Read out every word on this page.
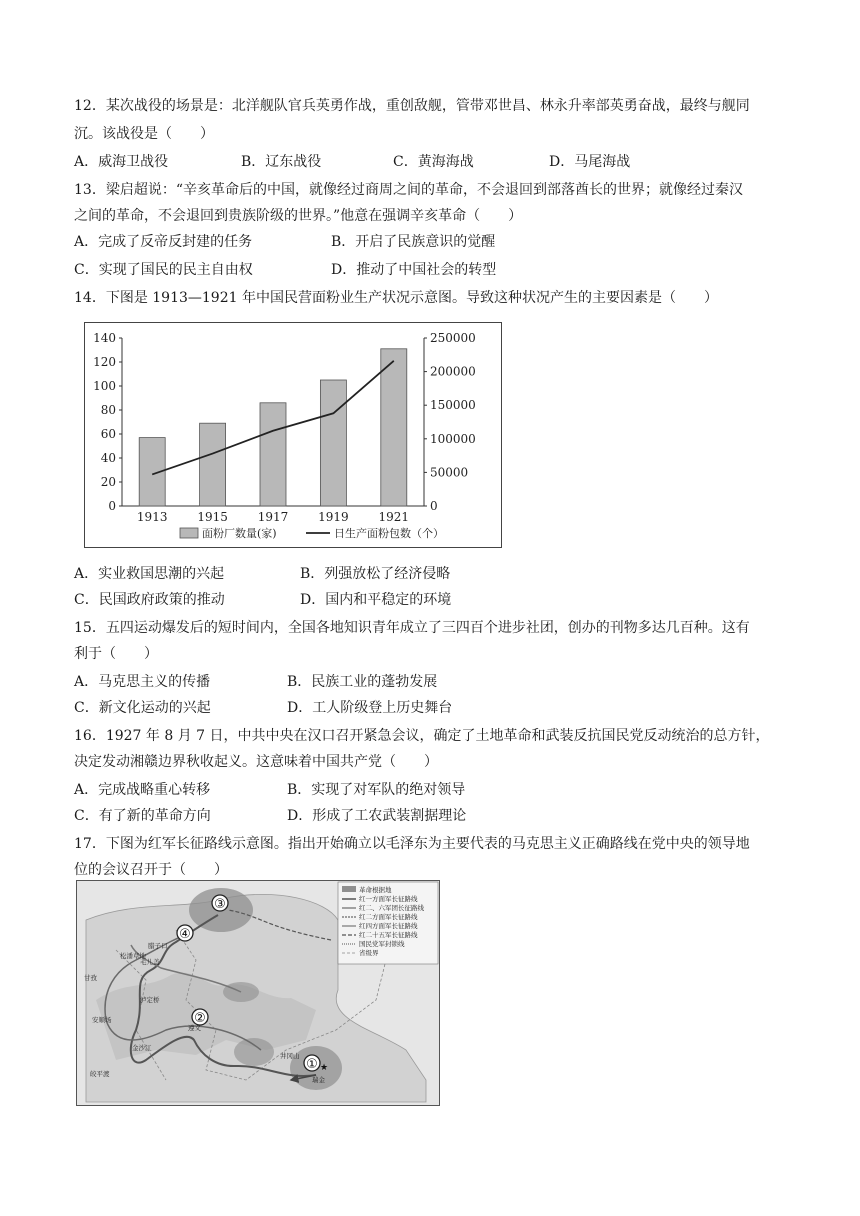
12．某次战役的场景是：北洋舰队官兵英勇作战，重创敌舰，管带邓世昌、林永升率部英勇奋战，最终与舰同
沉。该战役是（　　）
A．威海卫战役	B．辽东战役	C．黄海海战	D．马尾海战
13．梁启超说：“辛亥革命后的中国，就像经过商周之间的革命，不会退回到部落酋长的世界；就像经过秦汉
之间的革命，不会退回到贵族阶级的世界。”他意在强调辛亥革命（　　）
A．完成了反帝反封建的任务	B．开启了民族意识的觉醒
C．实现了国民的民主自由权	D．推动了中国社会的转型
14．下图是 1913—1921 年中国民营面粉业生产状况示意图。导致这种状况产生的主要因素是（　　）
0
20
40
60
80
100
120
140
0
50000
100000
150000
200000
250000
1913 1915 1917 1919 1921
面粉厂数量(家)	日生产面粉包数（个）
A．实业救国思潮的兴起	B．列强放松了经济侵略
C．民国政府政策的推动	D．国内和平稳定的环境
15．五四运动爆发后的短时间内，全国各地知识青年成立了三四百个进步社团，创办的刊物多达几百种。这有
利于（　　）
A．马克思主义的传播	B．民族工业的蓬勃发展
C．新文化运动的兴起	D．工人阶级登上历史舞台
16．1927 年 8 月 7 日，中共中央在汉口召开紧急会议，确定了土地革命和武装反抗国民党反动统治的总方针，
决定发动湘赣边界秋收起义。这意味着中国共产党（　　）
A．完成战略重心转移	B．实现了对军队的绝对领导
C．有了新的革命方向	D．形成了工农武装割据理论
17．下图为红军长征路线示意图。指出开始确立以毛泽东为主要代表的马克思主义正确路线在党中央的领导地
位的会议召开于（　　）
革命根据地
红一方面军长征路线
红二、六军团长征路线
红二方面军长征路线
红四方面军长征路线
红二十五军长征路线
国民党军封锁线
省级界
①
②
③
④
腊子口
毛儿盖
松潘草地
甘孜
泸定桥
安顺场
金沙江
皎平渡
井冈山
瑞金
遵义
★
